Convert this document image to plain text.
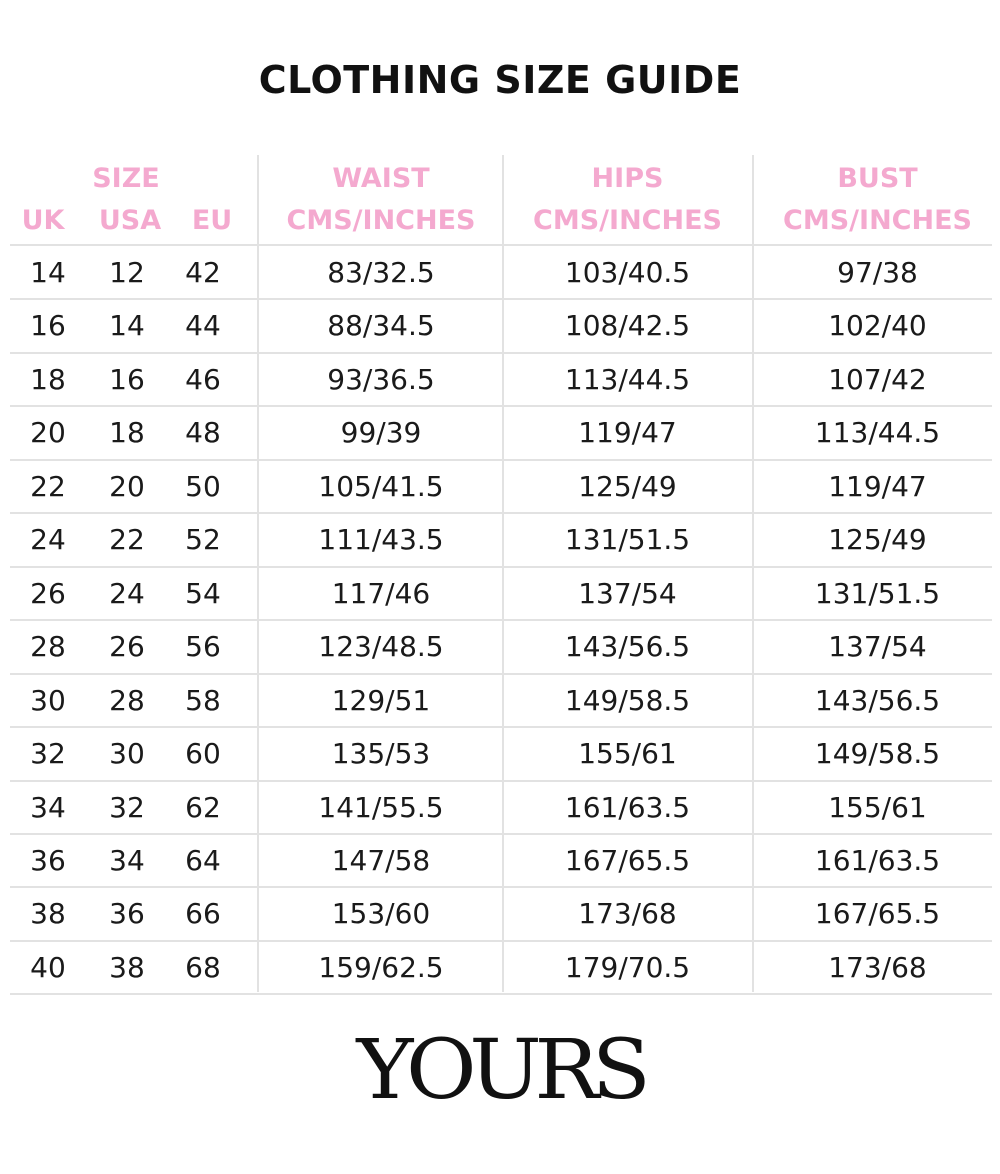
CLOTHING SIZE GUIDE
SIZE
UK	USA	EU
WAIST
CMS/INCHES
HIPS
CMS/INCHES
BUST
CMS/INCHES
14	12	42	83/32.5	103/40.5	97/38
16	14	44	88/34.5	108/42.5	102/40
18	16	46	93/36.5	113/44.5	107/42
20	18	48	99/39	119/47	113/44.5
22	20	50	105/41.5	125/49	119/47
24	22	52	111/43.5	131/51.5	125/49
26	24	54	117/46	137/54	131/51.5
28	26	56	123/48.5	143/56.5	137/54
30	28	58	129/51	149/58.5	143/56.5
32	30	60	135/53	155/61	149/58.5
34	32	62	141/55.5	161/63.5	155/61
36	34	64	147/58	167/65.5	161/63.5
38	36	66	153/60	173/68	167/65.5
40	38	68	159/62.5	179/70.5	173/68
YOURS
